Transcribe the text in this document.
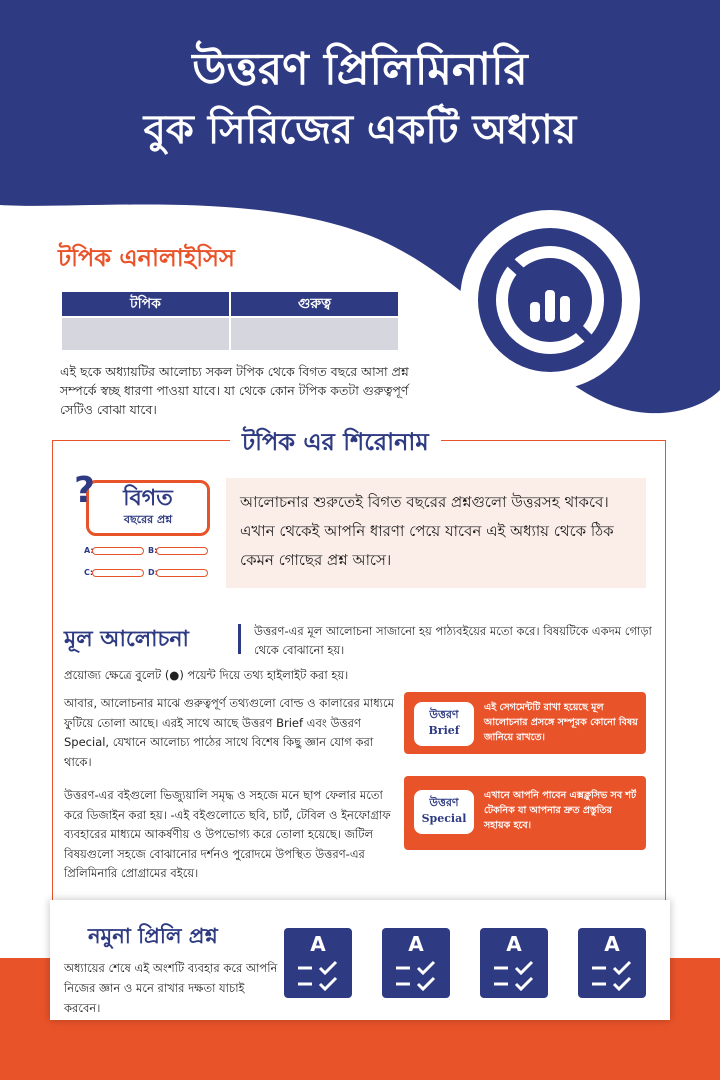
উত্তরণ প্রিলিমিনারি
বুক সিরিজের একটি অধ্যায়
টপিক এনালাইসিস
টপিক	গুরুত্ব

এই ছকে অধ্যায়টির আলোচ্য সকল টপিক থেকে বিগত বছরে আসা প্রশ্ন সম্পর্কে স্বচ্ছ ধারণা পাওয়া যাবে। যা থেকে কোন টপিক কতটা গুরুত্বপূর্ণ সেটিও বোঝা যাবে।
টপিক এর শিরোনাম
বিগত
বছরের প্রশ্ন
?
A:	B:
C:	D:
আলোচনার শুরুতেই বিগত বছরের প্রশ্নগুলো উত্তরসহ থাকবে। এখান থেকেই আপনি ধারণা পেয়ে যাবেন এই অধ্যায় থেকে ঠিক কেমন গোছের প্রশ্ন আসে।
মূল আলোচনা	উত্তরণ-এর মূল আলোচনা সাজানো হয় পাঠ্যবইয়ের মতো করে। বিষয়টিকে একদম গোড়া থেকে বোঝানো হয়।
প্রয়োজ্য ক্ষেত্রে বুলেট (●) পয়েন্ট দিয়ে তথ্য হাইলাইট করা হয়।
আবার, আলোচনার মাঝে গুরুত্বপূর্ণ তথ্যগুলো বোল্ড ও কালারের মাধ্যমে ফুটিয়ে তোলা আছে। এরই সাথে আছে উত্তরণ Brief এবং উত্তরণ Special, যেখানে আলোচ্য পাঠের সাথে বিশেষ কিছু জ্ঞান যোগ করা থাকে।
উত্তরণ-এর বইগুলো ভিজ্যুয়ালি সমৃদ্ধ ও সহজে মনে ছাপ ফেলার মতো করে ডিজাইন করা হয়। -এই বইগুলোতে ছবি, চার্ট, টেবিল ও ইনফোগ্রাফ ব্যবহারের মাধ্যমে আকর্ষণীয় ও উপভোগ্য করে তোলা হয়েছে। জটিল বিষয়গুলো সহজে বোঝানোর দর্শনও পুরোদমে উপস্থিত উত্তরণ-এর প্রিলিমিনারি প্রোগ্রামের বইয়ে।
উত্তরণ
Brief
এই সেগমেন্টটি রাখা হয়েছে মূল আলোচনার প্রসঙ্গে সম্পূরক কোনো বিষয় জানিয়ে রাখতে।
উত্তরণ
Special
এখানে আপনি পাবেন এক্সক্লুসিভ সব শর্ট টেকনিক যা আপনার দ্রুত প্রস্তুতির সহায়ক হবে।
নমুনা প্রিলি প্রশ্ন
অধ্যায়ের শেষে এই অংশটি ব্যবহার করে আপনি নিজের জ্ঞান ও মনে রাখার দক্ষতা যাচাই করবেন।
A	A	A	A
